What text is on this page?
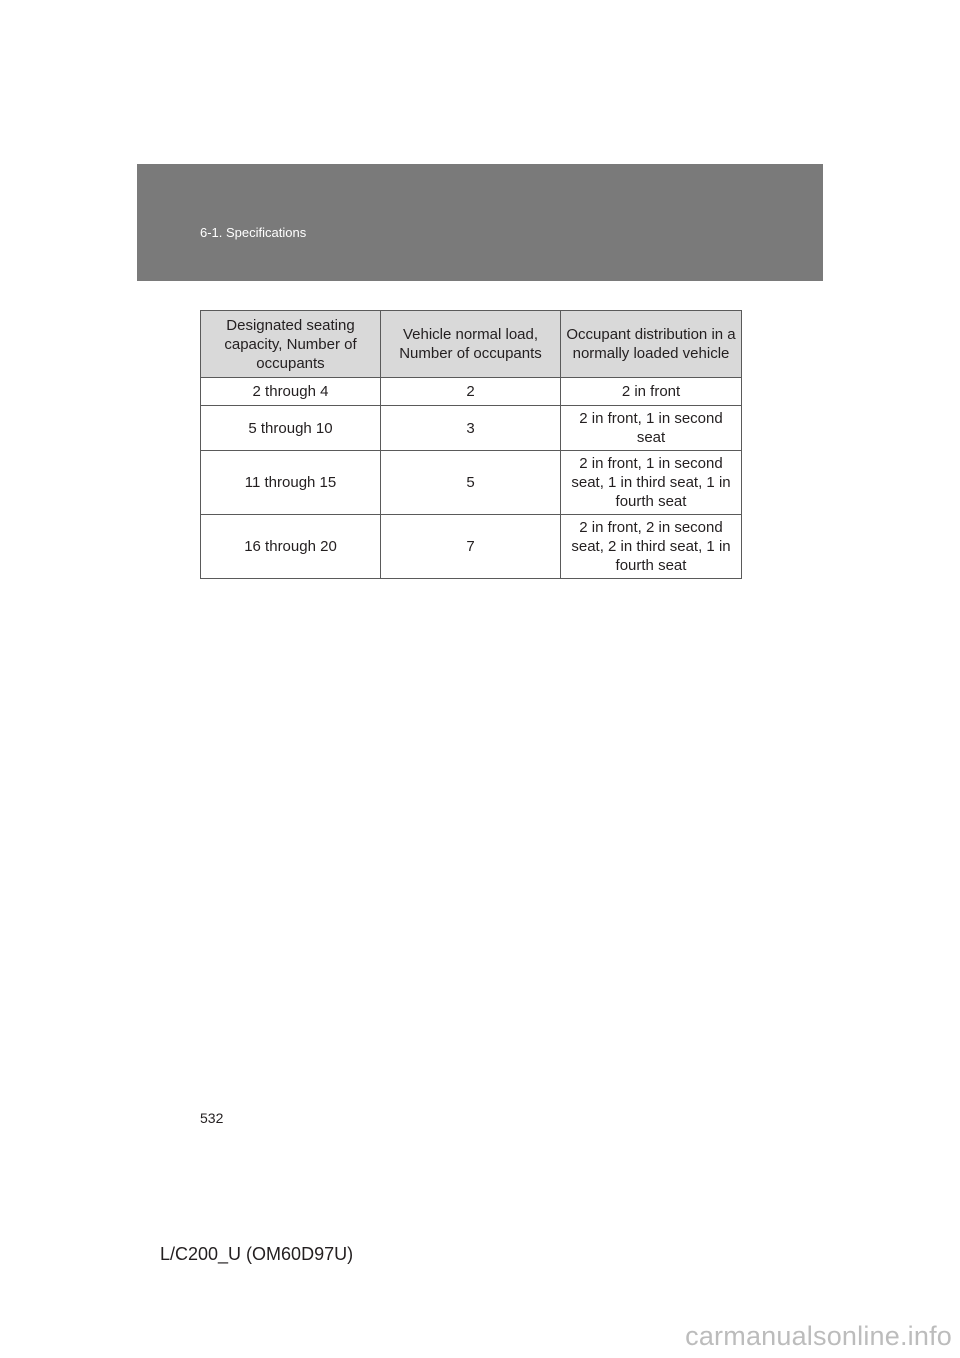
6-1. Specifications
Designated seating capacity, Number of occupants	Vehicle normal load, Number of occupants	Occupant distribution in a normally loaded vehicle
2 through 4	2	2 in front
5 through 10	3	2 in front, 1 in second seat
11 through 15	5	2 in front, 1 in second seat, 1 in third seat, 1 in fourth seat
16 through 20	7	2 in front, 2 in second seat, 2 in third seat, 1 in fourth seat
532
L/C200_U (OM60D97U)
carmanualsonline.info
